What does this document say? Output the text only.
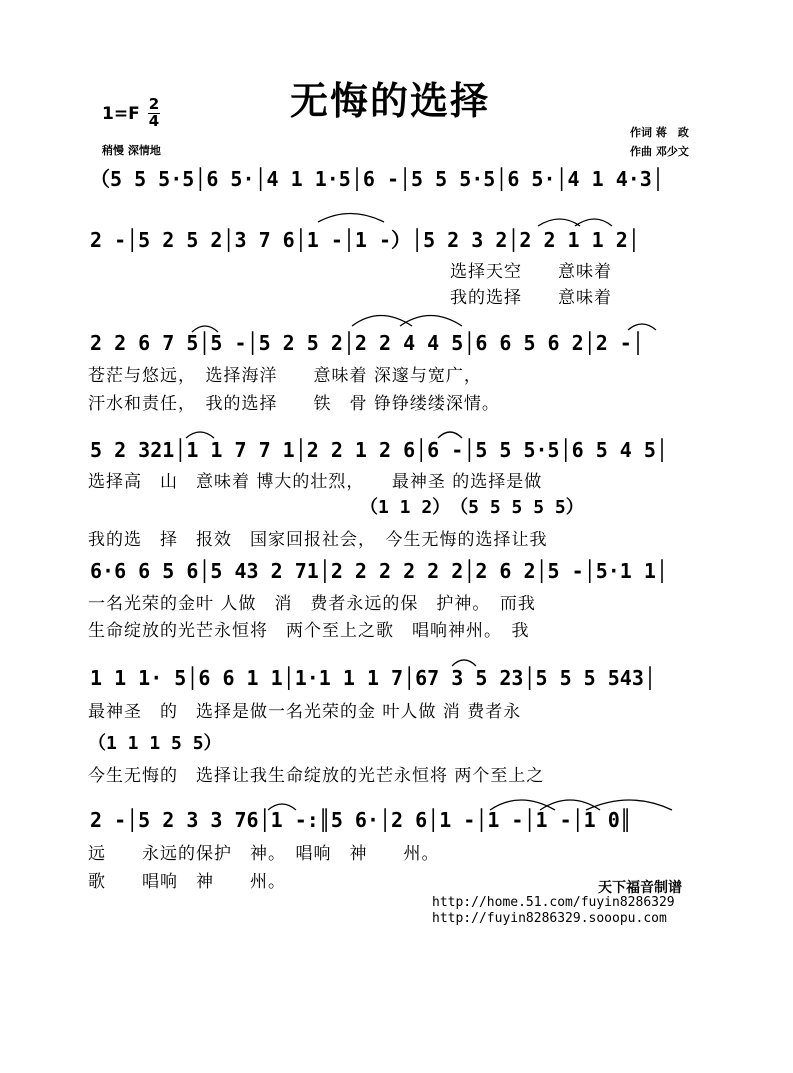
无悔的选择
1=F 2
4
稍慢 深情地
作词 蒋　政
作曲 邓少文
（5 5 5·5│6 5·│4 1 1·5│6 -│5 5 5·5│6 5·│4 1 4·3│
2 -│5 2 5 2│3 7 6│1 -│1 -）│5 2 3 2│2 2 1 1 2│
选择天空　　意味着
我的选择　　意味着
2 2 6 7 5│5 -│5 2 5 2│2 2 4 4 5│6 6 5 6 2│2 -│
苍茫与悠远，　选择海洋　　意味着 深邃与宽广，
汗水和责任，　我的选择　　铁　骨 铮铮缕缕深情。
5 2 321│1 1 7 7 1│2 2 1 2 6│6 -│5 5 5·5│6 5 4 5│
选择高　山　意味着 博大的壮烈，　　最神圣 的选择是做
（1 1 2）　（5 5 5 5 5）
我的选　择　报效　国家回报社会，　今生无悔的选择让我
6·6 6 5 6│5 43 2 71│2 2 2 2 2 2│2 6 2│5 -│5·1 1│
一名光荣的金叶 人做　消　费者永远的保　护神。　而我
生命绽放的光芒永恒将　两个至上之歌　唱响神州。　我
1 1 1· 5│6 6 1 1│1·1 1 1 7│67 3 5 23│5 5 5 543│
最神圣　的　选择是做一名光荣的金 叶人做 消 费者永
（1 1 1 5 5）
今生无悔的　选择让我生命绽放的光芒永恒将 两个至上之
2 -│5 2 3 3 76│1 -:║5 6·│2 6│1 -│1 -│1 -│1 0║
远　　永远的保护　神。　唱响　神　　州。
歌　　唱响　神　　州。	天下福音制谱
http://home.51.com/fuyin8286329
http://fuyin8286329.sooopu.com
